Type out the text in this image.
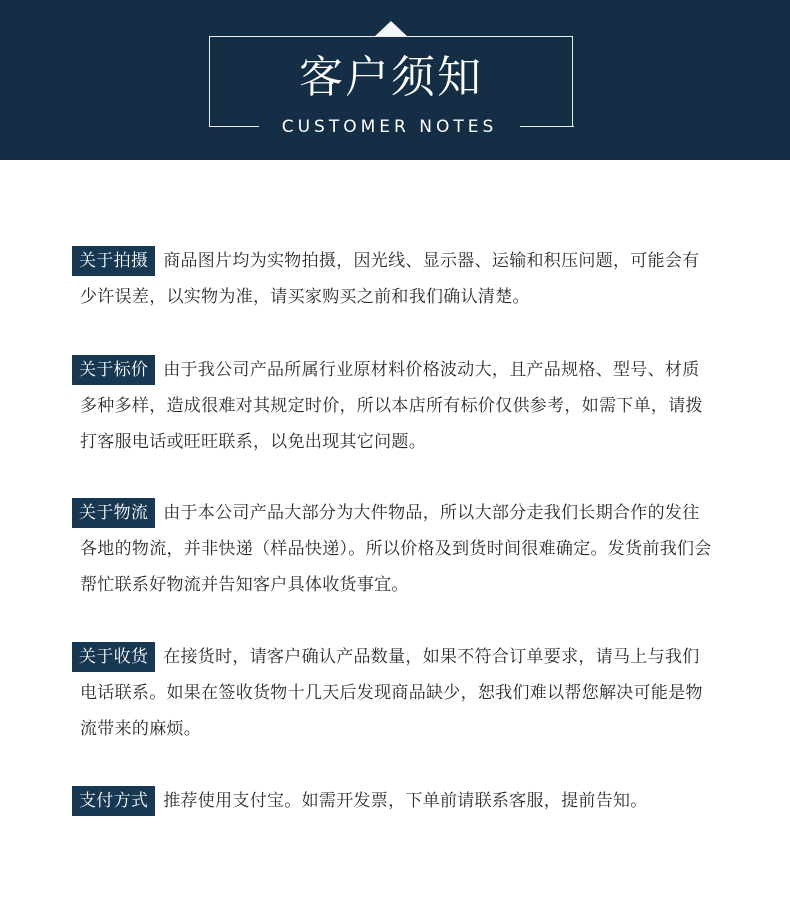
客户须知
CUSTOMER NOTES
关于拍摄 商品图片均为实物拍摄，因光线、显示器、运输和积压问题，可能会有少许误差，以实物为准，请买家购买之前和我们确认清楚。
关于标价 由于我公司产品所属行业原材料价格波动大，且产品规格、型号、材质多种多样，造成很难对其规定时价，所以本店所有标价仅供参考，如需下单，请拨打客服电话或旺旺联系，以免出现其它问题。
关于物流 由于本公司产品大部分为大件物品，所以大部分走我们长期合作的发往各地的物流，并非快递（样品快递）。所以价格及到货时间很难确定。发货前我们会帮忙联系好物流并告知客户具体收货事宜。
关于收货 在接货时，请客户确认产品数量，如果不符合订单要求，请马上与我们电话联系。如果在签收货物十几天后发现商品缺少，恕我们难以帮您解决可能是物流带来的麻烦。
支付方式 推荐使用支付宝。如需开发票，下单前请联系客服，提前告知。
